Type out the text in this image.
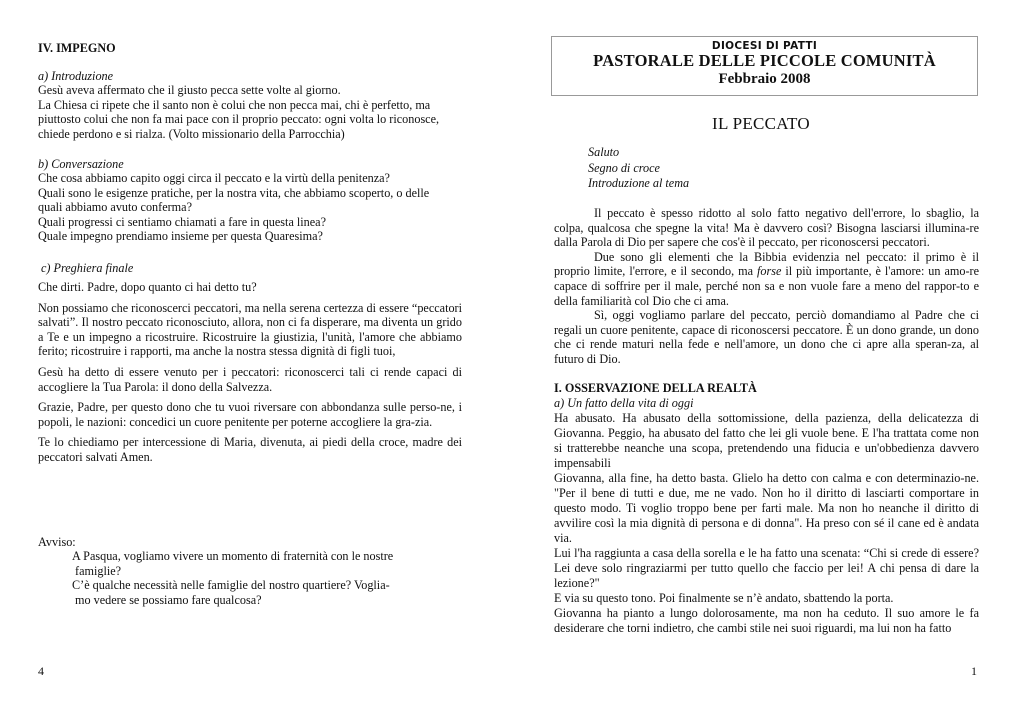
IV. IMPEGNO
a) Introduzione

Gesù aveva affermato che il giusto pecca sette volte al giorno.

La Chiesa ci ripete che il santo non è colui che non pecca mai, chi è perfetto, ma

piuttosto colui che non fa mai pace con il proprio peccato: ogni volta lo riconosce,

chiede perdono e si rialza. (Volto missionario della Parrocchia)

b) Conversazione

Che cosa abbiamo capito oggi circa il peccato e la virtù della penitenza?

Quali sono le esigenze pratiche, per la nostra vita, che abbiamo scoperto, o delle

quali abbiamo avuto conferma?

Quali progressi ci sentiamo chiamati a fare in questa linea?

Quale impegno prendiamo insieme per questa Quaresima?

c) Preghiera finale

Che dirti. Padre, dopo quanto ci hai detto tu?

Non possiamo che riconoscerci peccatori, ma nella serena certezza di essere “peccatori salvati”. Il nostro peccato riconosciuto, allora, non ci fa disperare, ma diventa un grido a Te e un impegno a ricostruire. Ricostruire la giustizia, l'unità, l'amore che abbiamo ferito; ricostruire i rapporti, ma anche la nostra stessa dignità di figli tuoi,

Gesù ha detto di essere venuto per i peccatori: riconoscerci tali ci rende capaci di accogliere la Tua Parola: il dono della Salvezza.

Grazie, Padre, per questo dono che tu vuoi riversare con abbondanza sulle perso-ne, i popoli, le nazioni: concedici un cuore penitente per poterne accogliere la gra-zia.

Te lo chiediamo per intercessione di Maria, divenuta, ai piedi della croce, madre dei peccatori salvati Amen.

Avviso:

A Pasqua, vogliamo vivere un momento di fraternità con le nostre

famiglie?

C’è qualche necessità nelle famiglie del nostro quartiere? Voglia-

mo vedere se possiamo fare qualcosa?

4
DIOCESI DI PATTI
PASTORALE DELLE PICCOLE COMUNITÀ
Febbraio 2008
IL PECCATO

Saluto

Segno di croce

Introduzione al tema

Il peccato è spesso ridotto al solo fatto negativo dell'errore, lo sbaglio, la colpa, qualcosa che spegne la vita! Ma è davvero così? Bisogna lasciarsi illumina-re dalla Parola di Dio per sapere che cos'è il peccato, per riconoscersi peccatori.

Due sono gli elementi che la Bibbia evidenzia nel peccato: il primo è il proprio limite, l'errore, e il secondo, ma forse il più importante, è l'amore: un amo-re capace di soffrire per il male, perché non sa e non vuole fare a meno del rappor-to e della familiarità col Dio che ci ama.

Sì, oggi vogliamo parlare del peccato, perciò domandiamo al Padre che ci regali un cuore penitente, capace di riconoscersi peccatore. È un dono grande, un dono che ci rende maturi nella fede e nell'amore, un dono che ci apre alla speran-za, al futuro di Dio.

I. OSSERVAZIONE DELLA REALTÀ
a) Un fatto della vita di oggi

Ha abusato. Ha abusato della sottomissione, della pazienza, della delicatezza di Giovanna. Peggio, ha abusato del fatto che lei gli vuole bene. E l'ha trattata come non si tratterebbe neanche una scopa, pretendendo una fiducia e un'obbedienza davvero impensabili

Giovanna, alla fine, ha detto basta. Glielo ha detto con calma e con determinazio-ne. "Per il bene di tutti e due, me ne vado. Non ho il diritto di lasciarti comportare in questo modo. Ti voglio troppo bene per farti male. Ma non ho neanche il diritto di avvilire così la mia dignità di persona e di donna". Ha preso con sé il cane ed è andata via.

Lui l'ha raggiunta a casa della sorella e le ha fatto una scenata: “Chi si crede di essere? Lei deve solo ringraziarmi per tutto quello che faccio per lei! A chi pensa di dare la lezione?"

E via su questo tono. Poi finalmente se n’è andato, sbattendo la porta.

Giovanna ha pianto a lungo dolorosamente, ma non ha ceduto. Il suo amore le fa desiderare che torni indietro, che cambi stile nei suoi riguardi, ma lui non ha fatto

1
